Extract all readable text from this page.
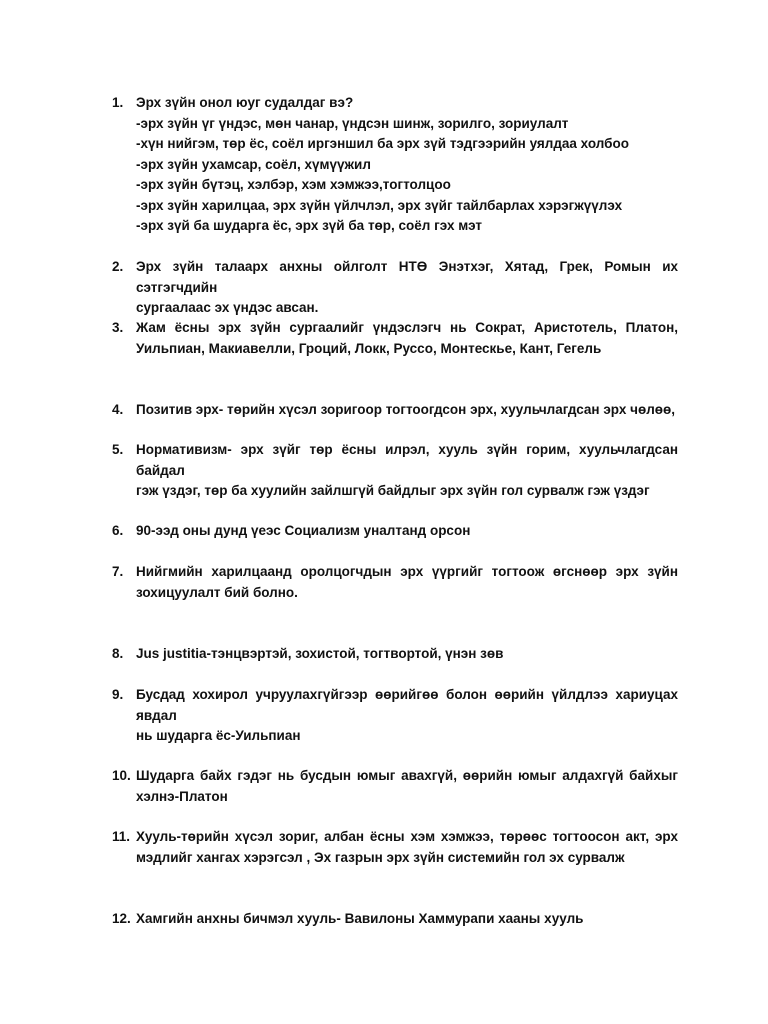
1. Эрх зүйн онол юуг судалдаг вэ?
-эрх зүйн үг үндэс, мөн чанар, үндсэн шинж, зорилго, зориулалт
-хүн нийгэм, төр ёс, соёл иргэншил ба эрх зүй тэдгээрийн уялдаа холбоо
-эрх зүйн ухамсар, соёл, хүмүүжил
-эрх зүйн бүтэц, хэлбэр, хэм хэмжээ,тогтолцоо
-эрх зүйн харилцаа, эрх зүйн үйлчлэл, эрх зүйг тайлбарлах хэрэгжүүлэх
-эрх зүй ба шударга ёс, эрх зүй ба төр, соёл гэх мэт
2. Эрх зүйн талаарх анхны ойлголт НТӨ Энэтхэг, Хятад, Грек, Ромын их сэтгэгчдийн
сургаалаас эх үндэс авсан.
3. Жам ёсны эрх зүйн сургаалийг үндэслэгч нь Сократ, Аристотель, Платон,
Уильпиан, Макиавелли, Гроций, Локк, Руссо, Монтескье, Кант, Гегель
4. Позитив эрх- төрийн хүсэл зоригоор тогтоогдсон эрх, хуульчлагдсан эрх чөлөө,
5. Нормативизм- эрх зүйг төр ёсны илрэл, хууль зүйн горим, хуульчлагдсан байдал
гэж үздэг, төр ба хуулийн зайлшгүй байдлыг эрх зүйн гол сурвалж гэж үздэг
6. 90-ээд оны дунд үеэс Социализм уналтанд орсон
7. Нийгмийн харилцаанд оролцогчдын эрх үүргийг тогтоож өгснөөр эрх зүйн
зохицуулалт бий болно.
8. Jus justitia-тэнцвэртэй, зохистой, тогтвортой, үнэн зөв
9. Бусдад хохирол учруулахгүйгээр өөрийгөө болон өөрийн үйлдлээ хариуцах явдал
нь шударга ёс-Уильпиан
10. Шударга байх гэдэг нь бусдын юмыг авахгүй, өөрийн юмыг алдахгүй байхыг
хэлнэ-Платон
11. Хууль-төрийн хүсэл зориг, албан ёсны хэм хэмжээ, төрөөс тогтоосон акт, эрх
мэдлийг хангах хэрэгсэл , Эх газрын эрх зүйн системийн гол эх сурвалж
12. Хамгийн анхны бичмэл хууль- Вавилоны Хаммурапи хааны хууль
